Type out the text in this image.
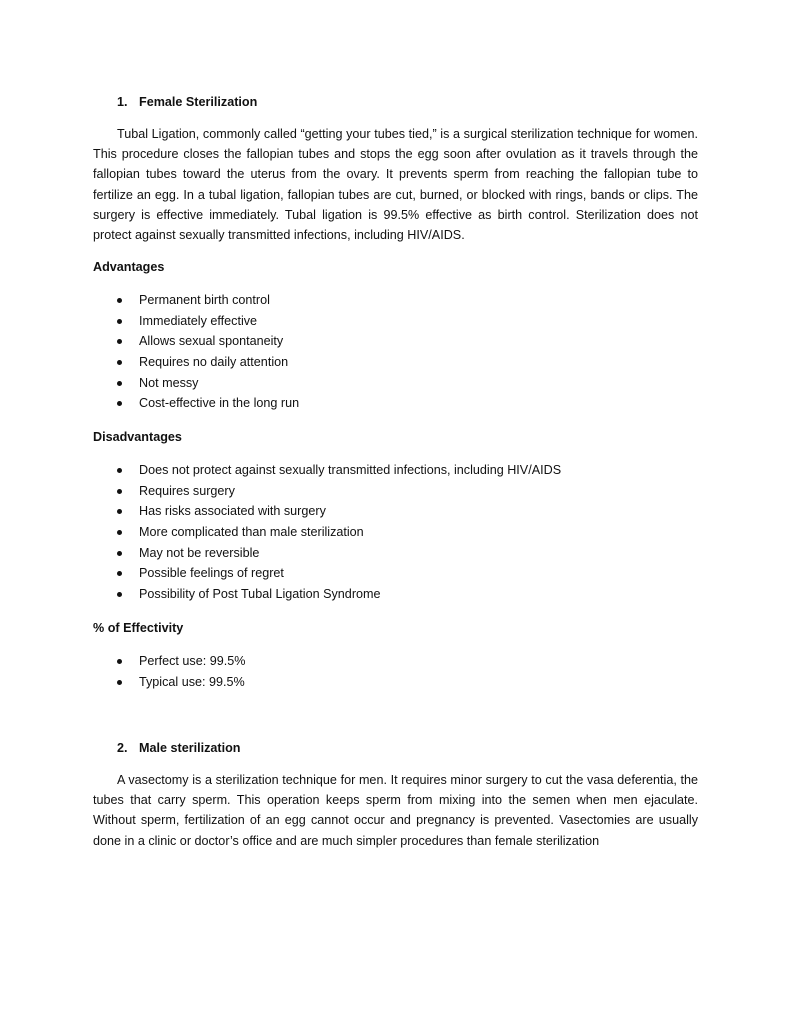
1. Female Sterilization

Tubal Ligation, commonly called “getting your tubes tied,” is a surgical sterilization technique for women. This procedure closes the fallopian tubes and stops the egg soon after ovulation as it travels through the fallopian tubes toward the uterus from the ovary. It prevents sperm from reaching the fallopian tube to fertilize an egg. In a tubal ligation, fallopian tubes are cut, burned, or blocked with rings, bands or clips. The surgery is effective immediately. Tubal ligation is 99.5% effective as birth control. Sterilization does not protect against sexually transmitted infections, including HIV/AIDS.

Advantages
Permanent birth control
Immediately effective
Allows sexual spontaneity
Requires no daily attention
Not messy
Cost-effective in the long run
Disadvantages
Does not protect against sexually transmitted infections, including HIV/AIDS
Requires surgery
Has risks associated with surgery
More complicated than male sterilization
May not be reversible
Possible feelings of regret
Possibility of Post Tubal Ligation Syndrome
% of Effectivity
Perfect use: 99.5%
Typical use: 99.5%
2. Male sterilization

A vasectomy is a sterilization technique for men. It requires minor surgery to cut the vasa deferentia, the tubes that carry sperm. This operation keeps sperm from mixing into the semen when men ejaculate. Without sperm, fertilization of an egg cannot occur and pregnancy is prevented. Vasectomies are usually done in a clinic or doctor’s office and are much simpler procedures than female sterilization
